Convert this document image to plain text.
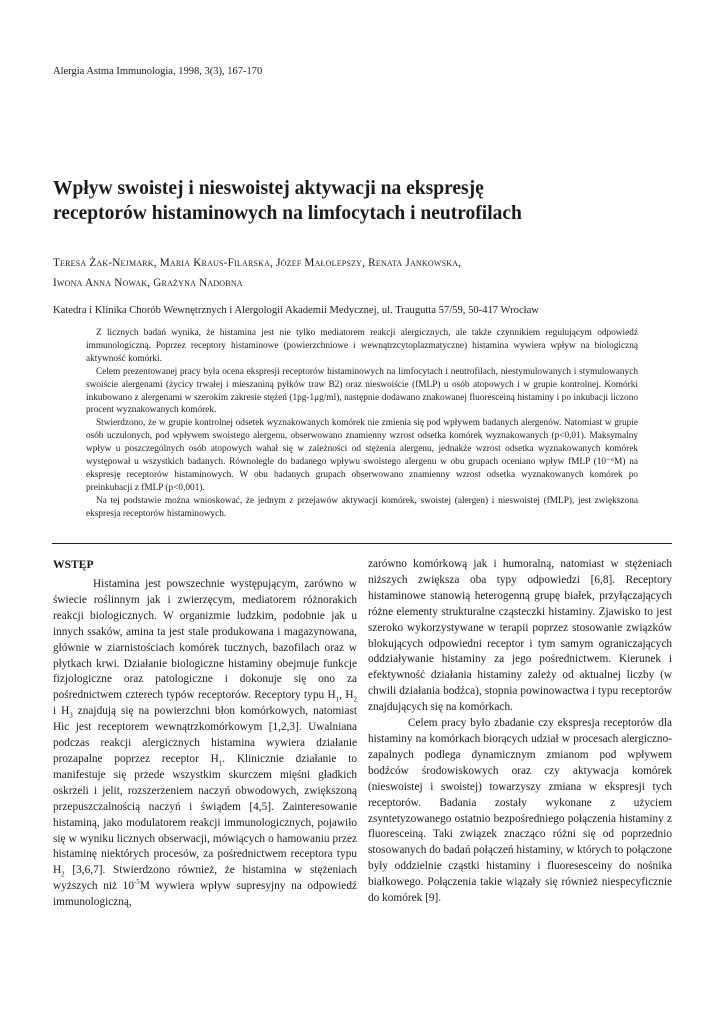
Alergia Astma Immunologia, 1998, 3(3), 167-170
Wpływ swoistej i nieswoistej aktywacji na ekspresję
receptorów histaminowych na limfocytach i neutrofilach
Teresa Żak-Nejmark, Maria Kraus-Filarska, Józef Małolepszy, Renata Jankowska,
Iwona Anna Nowak, Grażyna Nadobna
Katedra i Klinika Chorób Wewnętrznych i Alergologii Akademii Medycznej, ul. Traugutta 57/59, 50-417 Wrocław

Z licznych badań wynika, że histamina jest nie tylko mediatorem reakcji alergicznych, ale także czynnikiem regulującym odpowiedź immunologiczną. Poprzez receptory histaminowe (powierzchniowe i wewnątrzcytoplazmatyczne) histamina wywiera wpływ na biologiczną aktywność komórki.

Celem prezentowanej pracy była ocena ekspresji receptorów histaminowych na limfocytach i neutrofilach, niestymulowanych i stymulowanych swoiście alergenami (życicy trwałej i mieszaniną pyłków traw B2) oraz nieswoiście (fMLP) u osób atopowych i w grupie kontrolnej. Komórki inkubowano z alergenami w szerokim zakresie stężeń (1pg-1μg/ml), następnie dodawano znakowanej fluoresceiną histaminy i po inkubacji liczono procent wyznakowanych komórek.

Stwierdzono, że w grupie kontrolnej odsetek wyznakowanych komórek nie zmienia się pod wpływem badanych alergenów. Natomiast w grupie osób uczulonych, pod wpływem swoistego alergenu, obserwowano znamienny wzrost odsetka komórek wyznakowanych (p<0,01). Maksymalny wpływ u poszczególnych osób atopowych wahał się w zależności od stężenia alergenu, jednakże wzrost odsetka wyznakowanych komórek występował u wszystkich badanych. Równolegle do badanego wpływu swoistego alergenu w obu grupach oceniano wpływ fMLP (10⁻⁶M) na ekspresję receptorów histaminowych. W obu badanych grupach obserwowano znamienny wzrost odsetka wyznakowanych komórek po preinkubacji z fMLP (p<0,001).

Na tej podstawie można wnioskować, że jednym z przejawów aktywacji komórek, swoistej (alergen) i nieswoistej (fMLP), jest zwiększona ekspresja receptorów histaminowych.

WSTĘP

Histamina jest powszechnie występującym, zarówno w świecie roślinnym jak i zwierzęcym, mediatorem różnorakich reakcji biologicznych. W organizmie ludzkim, podobnie jak u innych ssaków, amina ta jest stale produkowana i magazynowana, głównie w ziarnistościach komórek tucznych, bazofilach oraz w płytkach krwi. Działanie biologiczne histaminy obejmuje funkcje fizjologiczne oraz patologiczne i dokonuje się ono za pośrednictwem czterech typów receptorów. Receptory typu $H_1$, $H_2$ i $H_3$ znajdują się na powierzchni błon komórkowych, natomiast Hic jest receptorem wewnątrzkomórkowym [1,2,3]. Uwalniana podczas reakcji alergicznych histamina wywiera działanie prozapalne poprzez receptor $H_1$. Klinicznie działanie to manifestuje się przede wszystkim skurczem mięśni gładkich oskrzeli i jelit, rozszerzeniem naczyń obwodowych, zwiększoną przepuszczalnością naczyń i świądem [4,5]. Zainteresowanie histaminą, jako modulatorem reakcji immunologicznych, pojawiło się w wyniku licznych obserwacji, mówiących o hamowaniu przez histaminę niektórych procesów, za pośrednictwem receptora typu $H_2$ [3,6,7]. Stwierdzono również, że histamina w stężeniach wyższych niż $10^{-5}M$ wywiera wpływ supresyjny na odpowiedź immunologiczną,

zarówno komórkową jak i humoralną, natomiast w stężeniach niższych zwiększa oba typy odpowiedzi [6,8]. Receptory histaminowe stanowią heterogenną grupę białek, przyłączających różne elementy strukturalne cząsteczki histaminy. Zjawisko to jest szeroko wykorzystywane w terapii poprzez stosowanie związków blokujących odpowiedni receptor i tym samym ograniczających oddziaływanie histaminy za jego pośrednictwem. Kierunek i efektywność działania histaminy zależy od aktualnej liczby (w chwili działania bodźca), stopnia powinowactwa i typu receptorów znajdujących się na komórkach.

Celem pracy było zbadanie czy ekspresja receptorów dla histaminy na komórkach biorących udział w procesach alergiczno-zapalnych podlega dynamicznym zmianom pod wpływem bodźców środowiskowych oraz czy aktywacja komórek (nieswoistej i swoistej) towarzyszy zmiana w ekspresji tych receptorów. Badania zostały wykonane z użyciem zsyntetyzowanego ostatnio bezpośredniego połączenia histaminy z fluoresceiną. Taki związek znacząco różni się od poprzednio stosowanych do badań połączeń histaminy, w których to połączone były oddzielnie cząstki histaminy i fluoresesceiny do nośnika białkowego. Połączenia takie wiązały się również niespecyficznie do komórek [9].
